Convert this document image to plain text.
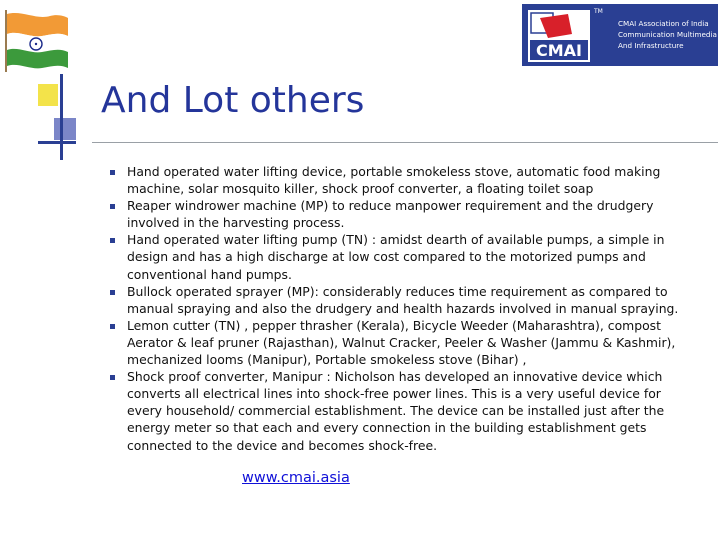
CMAI
TM
CMAI Association of India
Communication Multimedia
And Infrastructure
And Lot others
Hand operated water lifting device, portable smokeless stove, automatic food making machine, solar mosquito killer, shock proof converter, a floating toilet soap
Reaper windrower machine (MP) to reduce manpower requirement and the drudgery involved in the harvesting process.
Hand operated water lifting pump (TN) : amidst dearth of available pumps, a simple in design and has a high discharge at low cost compared to the motorized pumps and conventional hand pumps.
Bullock operated sprayer (MP): considerably reduces time requirement as compared to manual spraying and also the drudgery and health hazards involved in manual spraying.
Lemon cutter (TN) , pepper thrasher (Kerala), Bicycle Weeder (Maharashtra), compost Aerator & leaf pruner (Rajasthan), Walnut Cracker, Peeler & Washer (Jammu & Kashmir), mechanized looms (Manipur), Portable smokeless stove (Bihar) ,
Shock proof converter, Manipur : Nicholson has developed an innovative device which converts all electrical lines into shock-free power lines. This is a very useful device for every household/ commercial establishment. The device can be installed just after the energy meter so that each and every connection in the building establishment gets connected to the device and becomes shock-free.
www.cmai.asia
